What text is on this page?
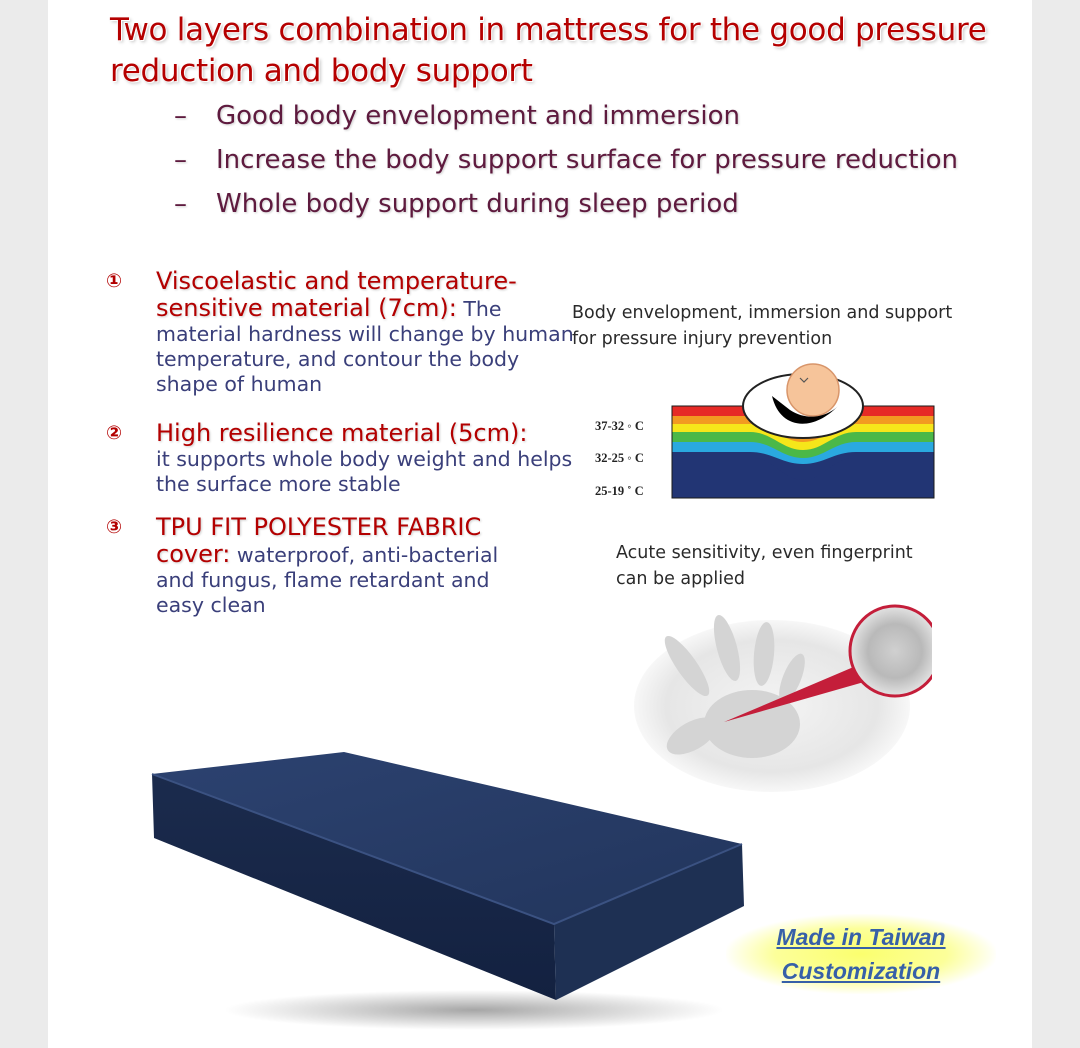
Two layers combination in mattress for the good pressure reduction and body support
– Good body envelopment and immersion
– Increase the body support surface for pressure reduction
– Whole body support during sleep period
① Viscoelastic and temperature-sensitive material (7cm): The material hardness will change by human temperature, and contour the body shape of human
② High resilience material (5cm):
it supports whole body weight and helps the surface more stable
③ TPU FIT POLYESTER FABRIC cover: waterproof, anti-bacterial and fungus, flame retardant and easy clean
Body envelopment, immersion and support for pressure injury prevention
37-32 ◦ C
32-25 ◦ C
25-19 ˚ C
Acute sensitivity, even fingerprint can be applied
Made in Taiwan
Customization
